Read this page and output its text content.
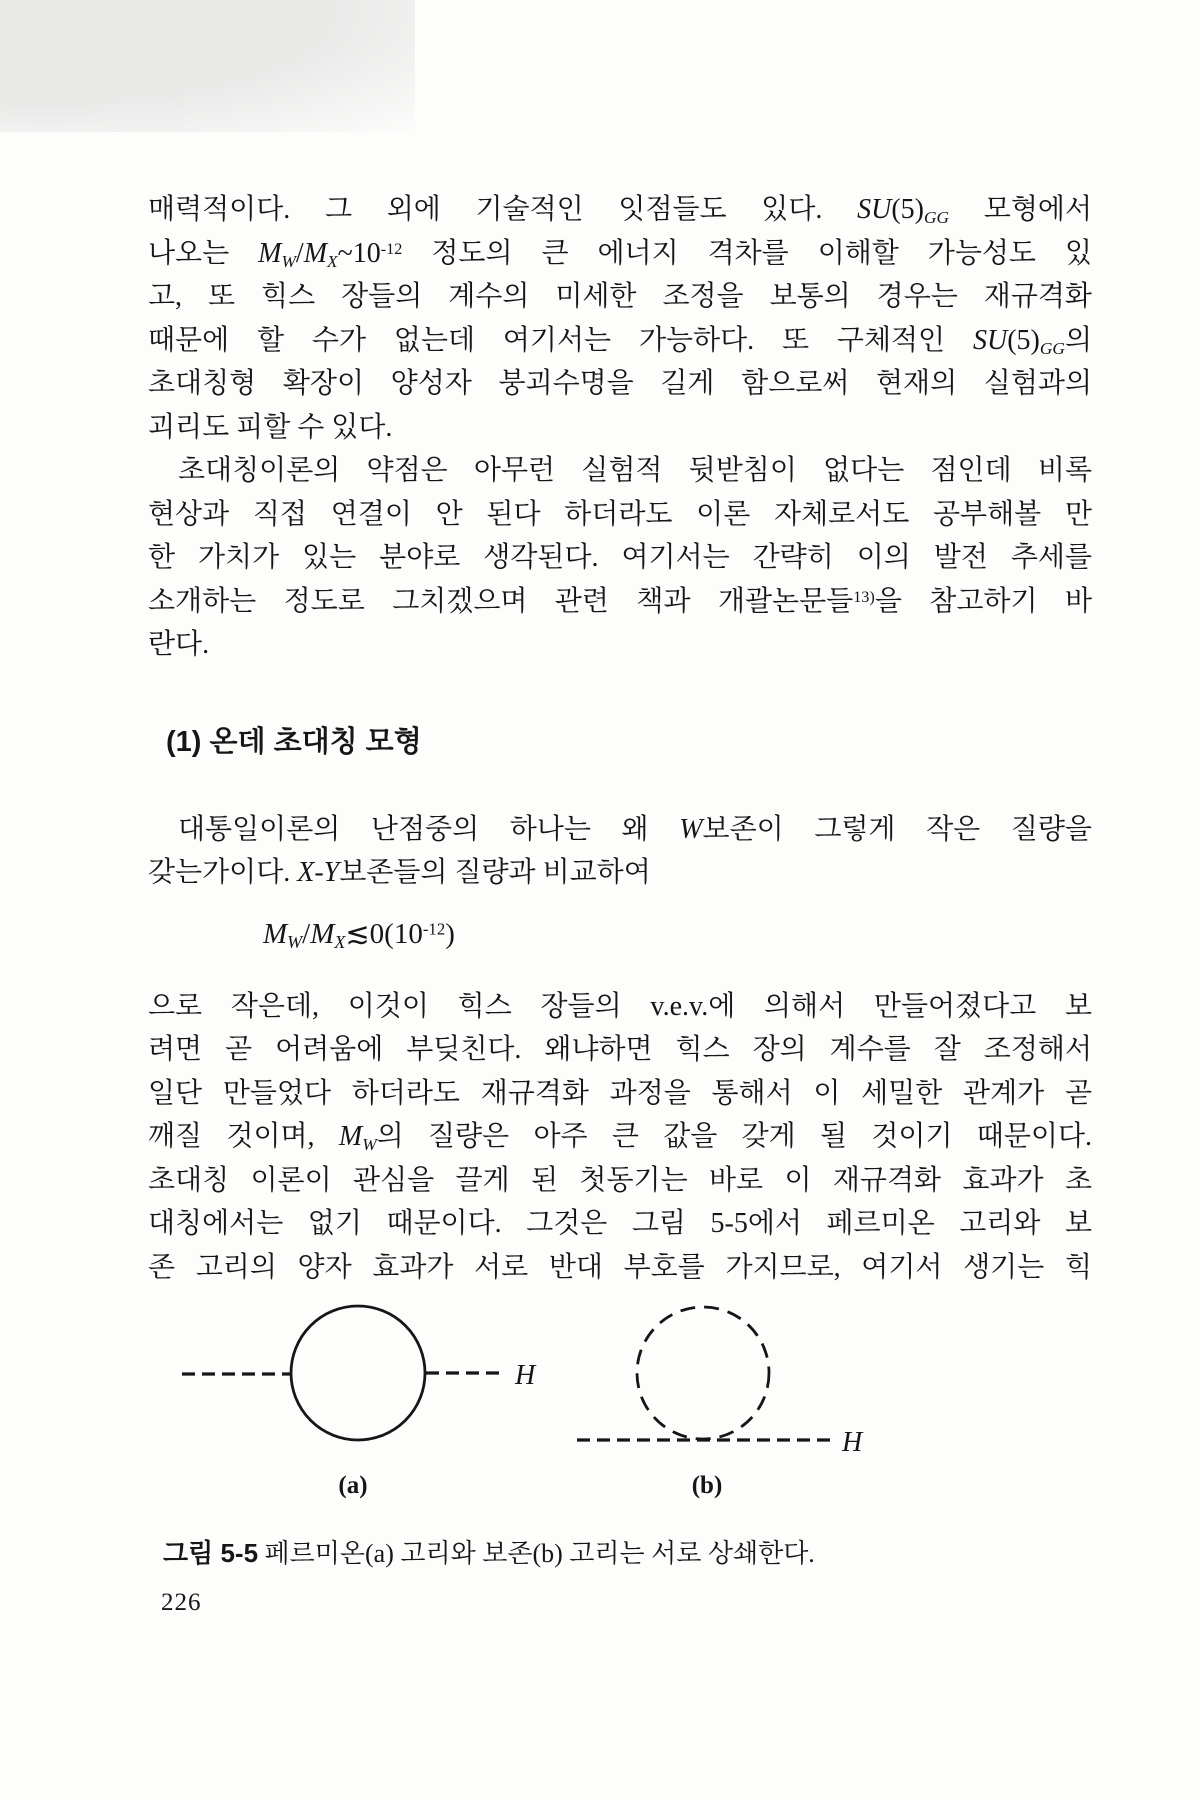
매력적이다. 그 외에 기술적인 잇점들도 있다. $SU(5)_{GG}$ 모형에서
나오는 $M_W/M_X\sim 10^{-12}$ 정도의 큰 에너지 격차를 이해할 가능성도 있
고, 또 힉스 장들의 계수의 미세한 조정을 보통의 경우는 재규격화
때문에 할 수가 없는데 여기서는 가능하다. 또 구체적인 $SU(5)_{GG}$의
초대칭형 확장이 양성자 붕괴수명을 길게 함으로써 현재의 실험과의
괴리도 피할 수 있다.
초대칭이론의 약점은 아무런 실험적 뒷받침이 없다는 점인데 비록
현상과 직접 연결이 안 된다 하더라도 이론 자체로서도 공부해볼 만
한 가치가 있는 분야로 생각된다. 여기서는 간략히 이의 발전 추세를
소개하는 정도로 그치겠으며 관련 책과 개괄논문들$^{13)}$을 참고하기 바
란다.
(1) 온데 초대칭 모형
대통일이론의 난점중의 하나는 왜 W보존이 그렇게 작은 질량을
갖는가이다. X-Y보존들의 질량과 비교하여
$M_W/M_X≲0(10^{-12})$
으로 작은데, 이것이 힉스 장들의 v.e.v.에 의해서 만들어졌다고 보
려면 곧 어려움에 부딪친다. 왜냐하면 힉스 장의 계수를 잘 조정해서
일단 만들었다 하더라도 재규격화 과정을 통해서 이 세밀한 관계가 곧
깨질 것이며, $M_W$의 질량은 아주 큰 값을 갖게 될 것이기 때문이다.
초대칭 이론이 관심을 끌게 된 첫동기는 바로 이 재규격화 효과가 초
대칭에서는 없기 때문이다. 그것은 그림 5-5에서 페르미온 고리와 보
존 고리의 양자 효과가 서로 반대 부호를 가지므로, 여기서 생기는 힉
H
(a)
H
(b)
그림 5-5 페르미온(a) 고리와 보존(b) 고리는 서로 상쇄한다.
226
